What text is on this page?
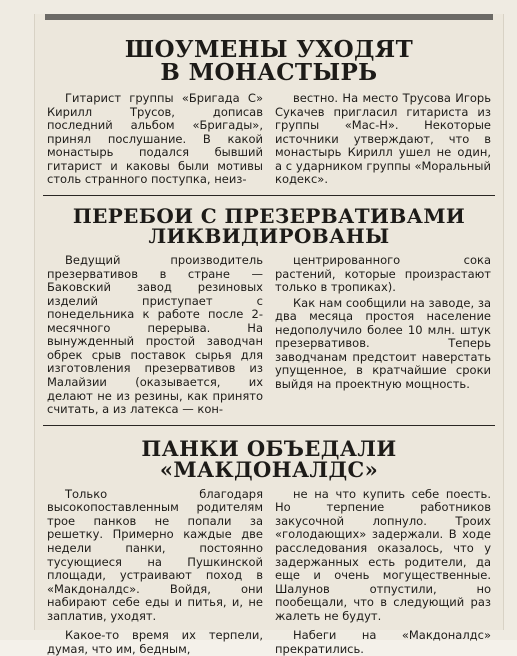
ШОУМЕНЫ УХОДЯТ
В МОНАСТЫРЬ

Гитарист группы «Бригада С» Кирилл Трусов, дописав последний альбом «Бригады», принял послушание. В какой монастырь подался бывший гитарист и каковы были мотивы столь странного поступка, неиз-

вестно. На место Трусова Игорь Сукачев пригласил гитариста из группы «Мас-Н». Некоторые источники утверждают, что в монастырь Кирилл ушел не один, а с ударником группы «Моральный кодекс».

ПЕРЕБОИ С ПРЕЗЕРВАТИВАМИ
ЛИКВИДИРОВАНЫ

Ведущий производитель презервативов в стране — Баковский завод резиновых изделий приступает с понедельника к работе после 2-месячного перерыва. На вынужденный простой заводчан обрек срыв поставок сырья для изготовления презервативов из Малайзии (оказывается, их делают не из резины, как принято считать, а из латекса — кон-

центрированного сока растений, которые произрастают только в тропиках).

Как нам сообщили на заводе, за два месяца простоя население недополучило более 10 млн. штук презервативов. Теперь заводчанам предстоит наверстать упущенное, в кратчайшие сроки выйдя на проектную мощность.

ПАНКИ ОБЪЕДАЛИ
«МАКДОНАЛДС»

Только благодаря высокопоставленным родителям трое панков не попали за решетку. Примерно каждые две недели панки, постоянно тусующиеся на Пушкинской площади, устраивают поход в «Макдоналдс». Войдя, они набирают себе еды и питья, и, не заплатив, уходят.

Какое-то время их терпели, думая, что им, бедным,

не на что купить себе поесть. Но терпение работников закусочной лопнуло. Троих «голодающих» задержали. В ходе расследования оказалось, что у задержанных есть родители, да еще и очень могущественные. Шалунов отпустили, но пообещали, что в следующий раз жалеть не будут.

Набеги на «Макдоналдс» прекратились.
